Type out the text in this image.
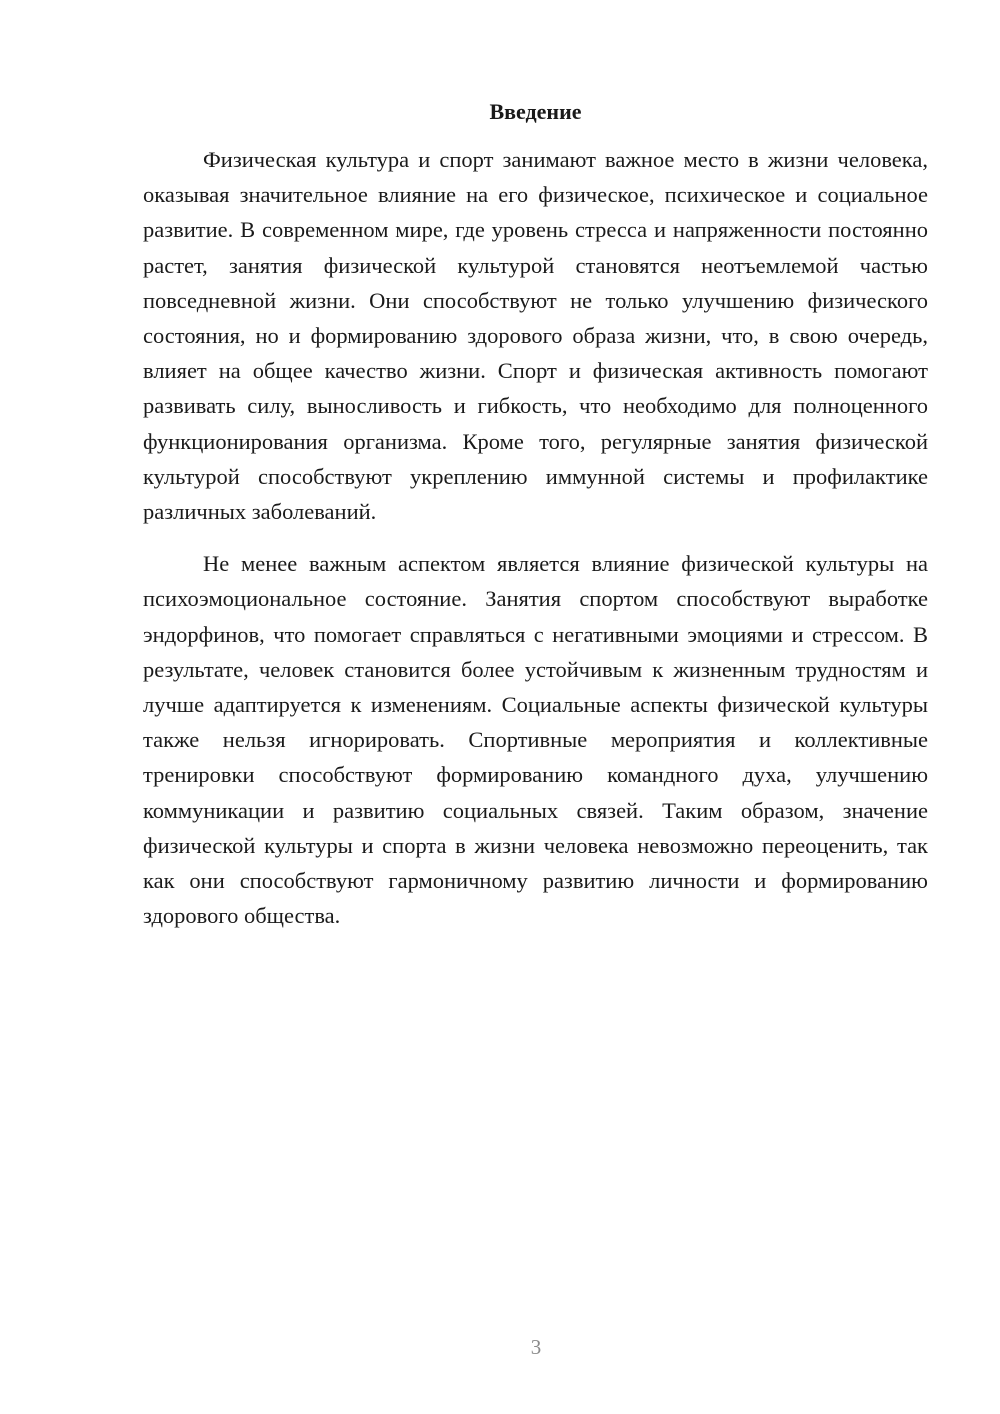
Введение

Физическая культура и спорт занимают важное место в жизни человека, оказывая значительное влияние на его физическое, психическое и социальное развитие. В современном мире, где уровень стресса и напряженности постоянно растет, занятия физической культурой становятся неотъемлемой частью повседневной жизни. Они способствуют не только улучшению физического состояния, но и формированию здорового образа жизни, что, в свою очередь, влияет на общее качество жизни. Спорт и физическая активность помогают развивать силу, выносливость и гибкость, что необходимо для полноценного функционирования организма. Кроме того, регулярные занятия физической культурой способствуют укреплению иммунной системы и профилактике различных заболеваний.

Не менее важным аспектом является влияние физической культуры на психоэмоциональное состояние. Занятия спортом способствуют выработке эндорфинов, что помогает справляться с негативными эмоциями и стрессом. В результате, человек становится более устойчивым к жизненным трудностям и лучше адаптируется к изменениям. Социальные аспекты физической культуры также нельзя игнорировать. Спортивные мероприятия и коллективные тренировки способствуют формированию командного духа, улучшению коммуникации и развитию социальных связей. Таким образом, значение физической культуры и спорта в жизни человека невозможно переоценить, так как они способствуют гармоничному развитию личности и формированию здорового общества.

3
